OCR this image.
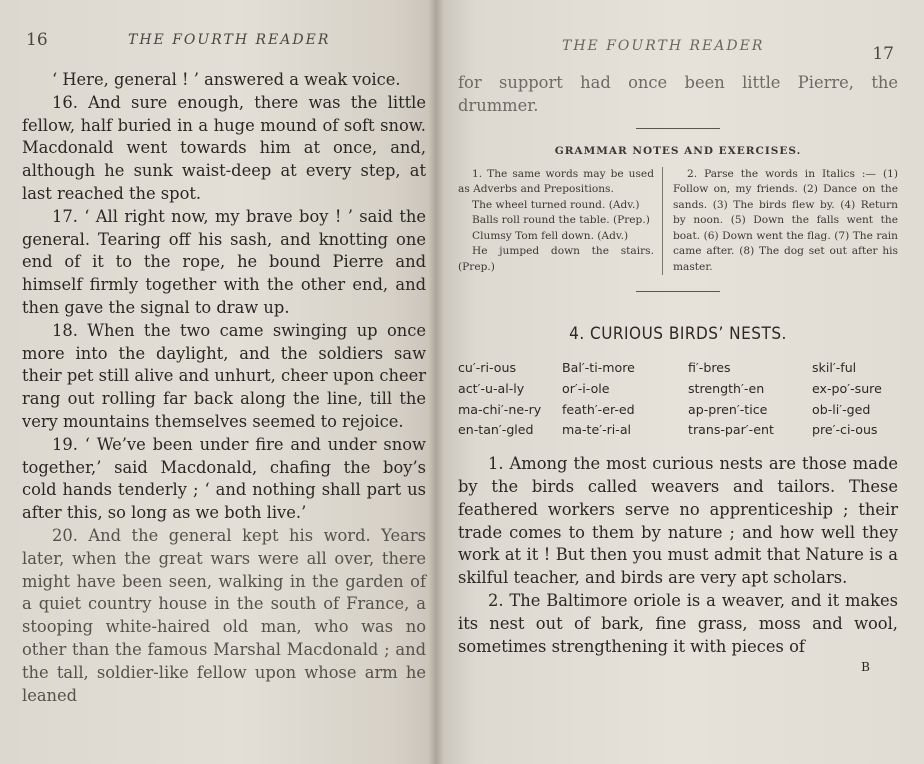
16	THE FOURTH READER

‘ Here, general ! ’ answered a weak voice.

16. And sure enough, there was the little fellow, half buried in a huge mound of soft snow. Macdonald went towards him at once, and, although he sunk waist-deep at every step, at last reached the spot.

17. ‘ All right now, my brave boy ! ’ said the general. Tearing off his sash, and knotting one end of it to the rope, he bound Pierre and himself firmly together with the other end, and then gave the signal to draw up.

18. When the two came swinging up once more into the daylight, and the soldiers saw their pet still alive and unhurt, cheer upon cheer rang out rolling far back along the line, till the very mountains themselves seemed to rejoice.

19. ‘ We’ve been under fire and under snow together,’ said Macdonald, chafing the boy’s cold hands tenderly ; ‘ and nothing shall part us after this, so long as we both live.’

20. And the general kept his word. Years later, when the great wars were all over, there might have been seen, walking in the garden of a quiet country house in the south of France, a stooping white-haired old man, who was no other than the famous Marshal Macdonald ; and the tall, soldier-like fellow upon whose arm he leaned

THE FOURTH READER	17

for support had once been little Pierre, the drummer.

GRAMMAR NOTES AND EXERCISES.

1. The same words may be used as Adverbs and Prepositions.

The wheel turned round. (Adv.)

Balls roll round the table. (Prep.)

Clumsy Tom fell down. (Adv.)

He jumped down the stairs. (Prep.)

2. Parse the words in Italics :— (1) Follow on, my friends. (2) Dance on the sands. (3) The birds flew by. (4) Return by noon. (5) Down the falls went the boat. (6) Down went the flag. (7) The rain came after. (8) The dog set out after his master.

4. CURIOUS BIRDS’ NESTS.
cu′-ri-ous	Bal′-ti-more	fi′-bres	skil′-ful
act′-u-al-ly	or′-i-ole	strength′-en	ex-po′-sure
ma-chi′-ne-ry	feath′-er-ed	ap-pren′-tice	ob-li′-ged
en-tan′-gled	ma-te′-ri-al	trans-par′-ent	pre′-ci-ous

1. Among the most curious nests are those made by the birds called weavers and tailors. These feathered workers serve no apprenticeship ; their trade comes to them by nature ; and how well they work at it ! But then you must admit that Nature is a skilful teacher, and birds are very apt scholars.

2. The Baltimore oriole is a weaver, and it makes its nest out of bark, fine grass, moss and wool, sometimes strengthening it with pieces of

B
